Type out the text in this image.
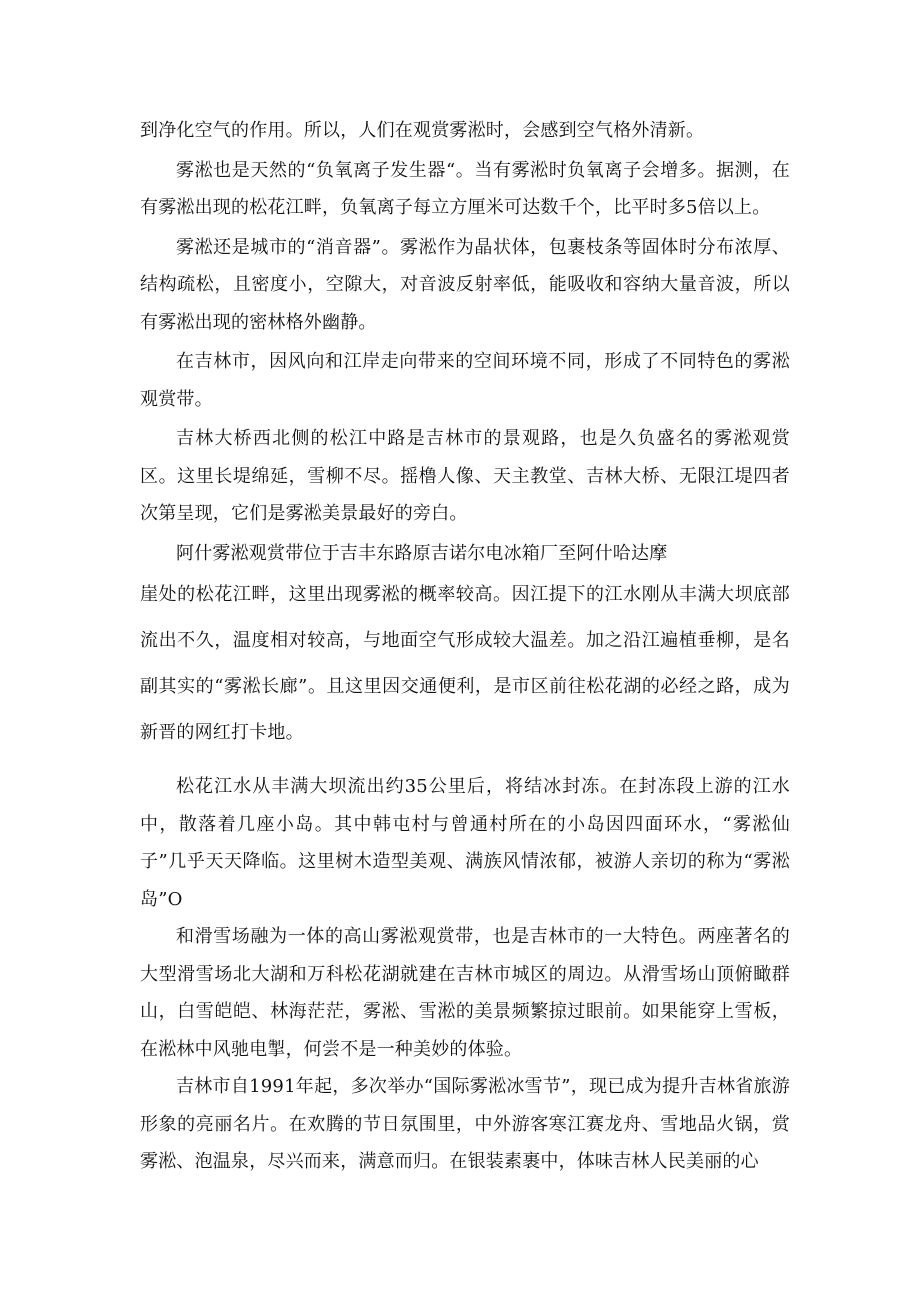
到净化空气的作用。所以，人们在观赏雾淞时，会感到空气格外清新。

雾淞也是天然的“负氧离子发生器“。当有雾淞时负氧离子会增多。据测，在有雾淞出现的松花江畔，负氧离子每立方厘米可达数千个，比平时多5倍以上。

雾淞还是城市的“消音器”。雾淞作为晶状体，包裹枝条等固体时分布浓厚、结构疏松，且密度小，空隙大，对音波反射率低，能吸收和容纳大量音波，所以有雾淞出现的密林格外幽静。

在吉林市，因风向和江岸走向带来的空间环境不同，形成了不同特色的雾淞观赏带。

吉林大桥西北侧的松江中路是吉林市的景观路，也是久负盛名的雾淞观赏区。这里长堤绵延，雪柳不尽。摇橹人像、天主教堂、吉林大桥、无限江堤四者次第呈现，它们是雾淞美景最好的旁白。

阿什雾淞观赏带位于吉丰东路原吉诺尔电冰箱厂至阿什哈达摩

崖处的松花江畔，这里出现雾淞的概率较高。因江提下的江水刚从丰满大坝底部流出不久，温度相对较高，与地面空气形成较大温差。加之沿江遍植垂柳，是名副其实的“雾淞长廊”。且这里因交通便利，是市区前往松花湖的必经之路，成为新晋的网红打卡地。

松花江水从丰满大坝流出约35公里后，将结冰封冻。在封冻段上游的江水中，散落着几座小岛。其中韩屯村与曾通村所在的小岛因四面环水，“雾淞仙子”几乎天天降临。这里树木造型美观、满族风情浓郁，被游人亲切的称为“雾淞岛”O

和滑雪场融为一体的高山雾淞观赏带，也是吉林市的一大特色。两座著名的大型滑雪场北大湖和万科松花湖就建在吉林市城区的周边。从滑雪场山顶俯瞰群山，白雪皑皑、林海茫茫，雾淞、雪淞的美景频繁掠过眼前。如果能穿上雪板，在淞林中风驰电掣，何尝不是一种美妙的体验。

吉林市自1991年起，多次举办“国际雾淞冰雪节”，现已成为提升吉林省旅游形象的亮丽名片。在欢腾的节日氛围里，中外游客寒江赛龙舟、雪地品火锅，赏雾淞、泡温泉，尽兴而来，满意而归。在银装素裹中，体味吉林人民美丽的心
